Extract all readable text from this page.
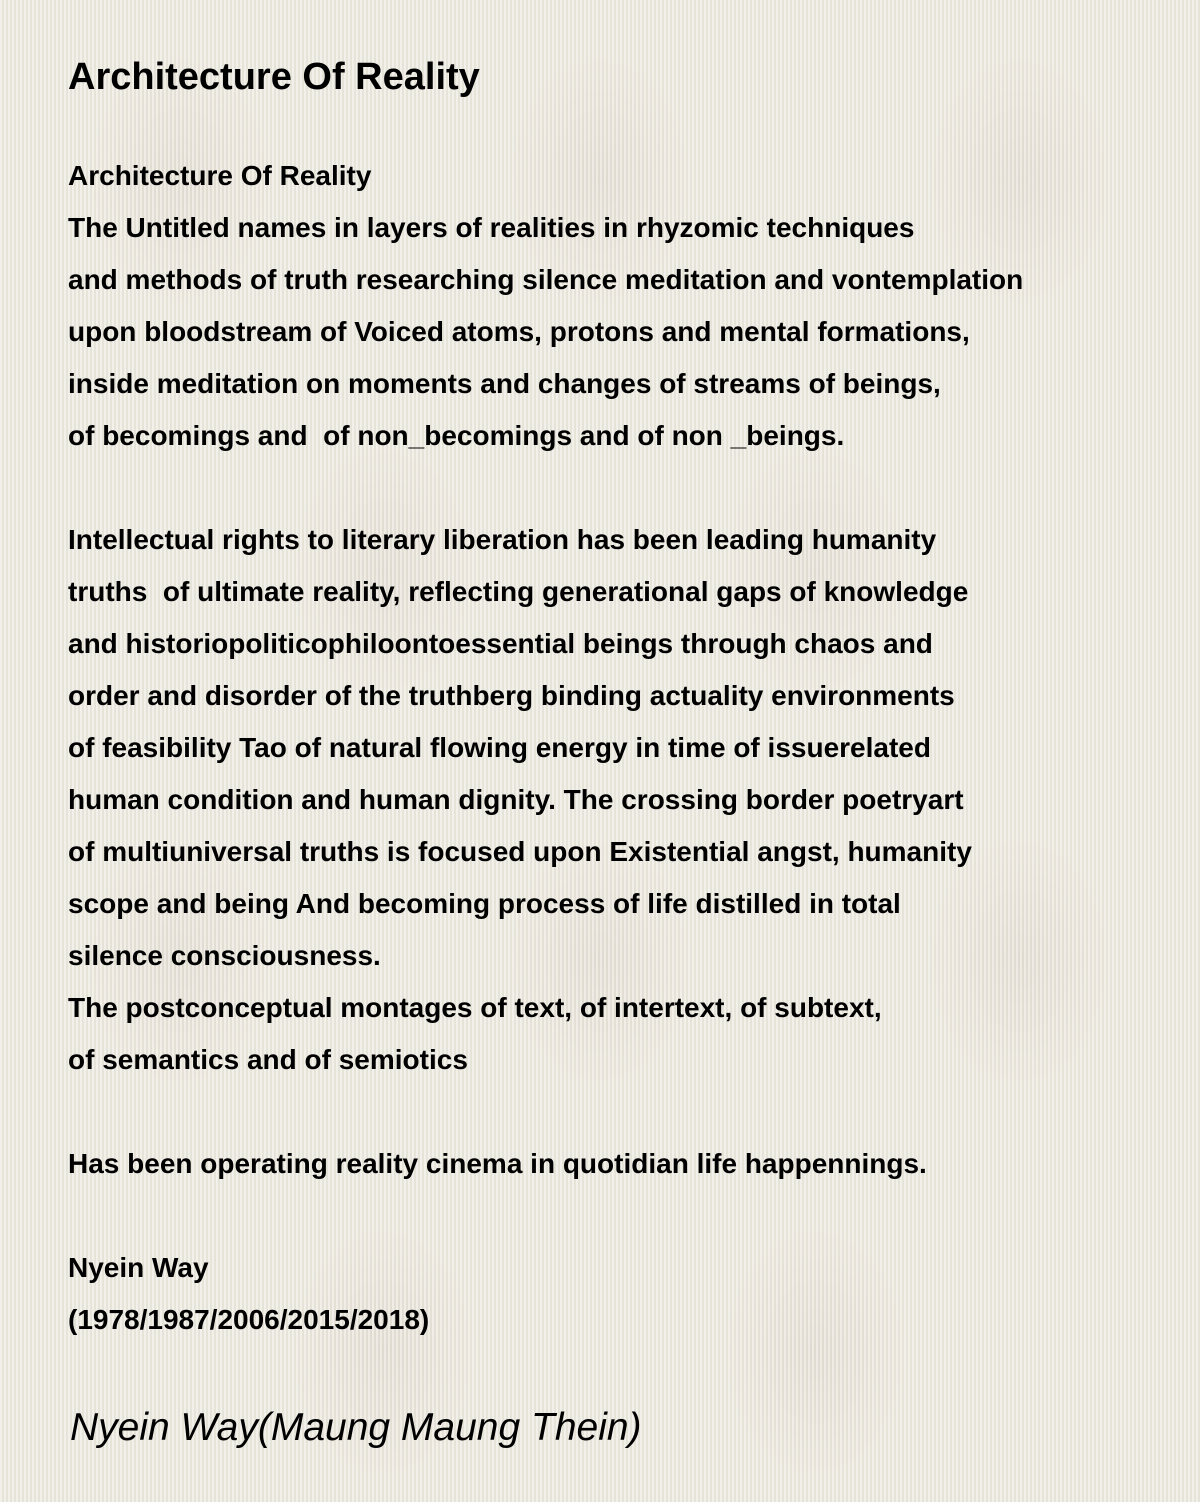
Architecture Of Reality
Architecture Of Reality
The Untitled names in layers of realities in rhyzomic techniques
and methods of truth researching silence meditation and vontemplation
upon bloodstream of Voiced atoms, protons and mental formations,
inside meditation on moments and changes of streams of beings,
of becomings and  of non_becomings and of non _beings.
Intellectual rights to literary liberation has been leading humanity
truths  of ultimate reality, reflecting generational gaps of knowledge
and historiopoliticophiloontoessential beings through chaos and
order and disorder of the truthberg binding actuality environments
of feasibility Tao of natural flowing energy in time of issuerelated
human condition and human dignity. The crossing border poetryart
of multiuniversal truths is focused upon Existential angst, humanity
scope and being And becoming process of life distilled in total
silence consciousness.
The postconceptual montages of text, of intertext, of subtext,
of semantics and of semiotics
Has been operating reality cinema in quotidian life happennings.
Nyein Way
(1978/1987/2006/2015/2018)
Nyein Way(Maung Maung Thein)
